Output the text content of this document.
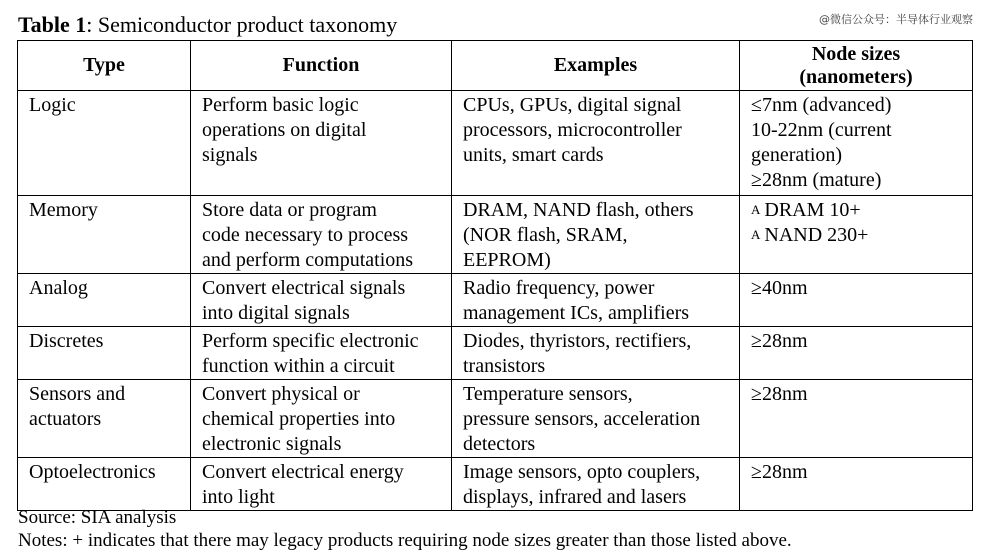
@微信公众号：半导体行业观察
Table 1: Semiconductor product taxonomy
Type	Function	Examples	Node sizes
(nanometers)

Logic	Perform basic logic
operations on digital
signals	CPUs, GPUs, digital signal
processors, microcontroller
units, smart cards	≤7nm (advanced)
10-22nm (current
generation)
≥28nm (mature)

Memory	Store data or program
code necessary to process
and perform computations	DRAM, NAND flash, others
(NOR flash, SRAM,
EEPROM)	$^A$ DRAM 10+
$^A$ NAND 230+

Analog	Convert electrical signals
into digital signals	Radio frequency, power
management ICs, amplifiers	≥40nm

Discretes	Perform specific electronic
function within a circuit	Diodes, thyristors, rectifiers,
transistors	≥28nm

Sensors and
actuators	Convert physical or
chemical properties into
electronic signals	Temperature sensors,
pressure sensors, acceleration
detectors	≥28nm

Optoelectronics	Convert electrical energy
into light	Image sensors, opto couplers,
displays, infrared and lasers	≥28nm
Source: SIA analysis
Notes: + indicates that there may legacy products requiring node sizes greater than those listed above.
